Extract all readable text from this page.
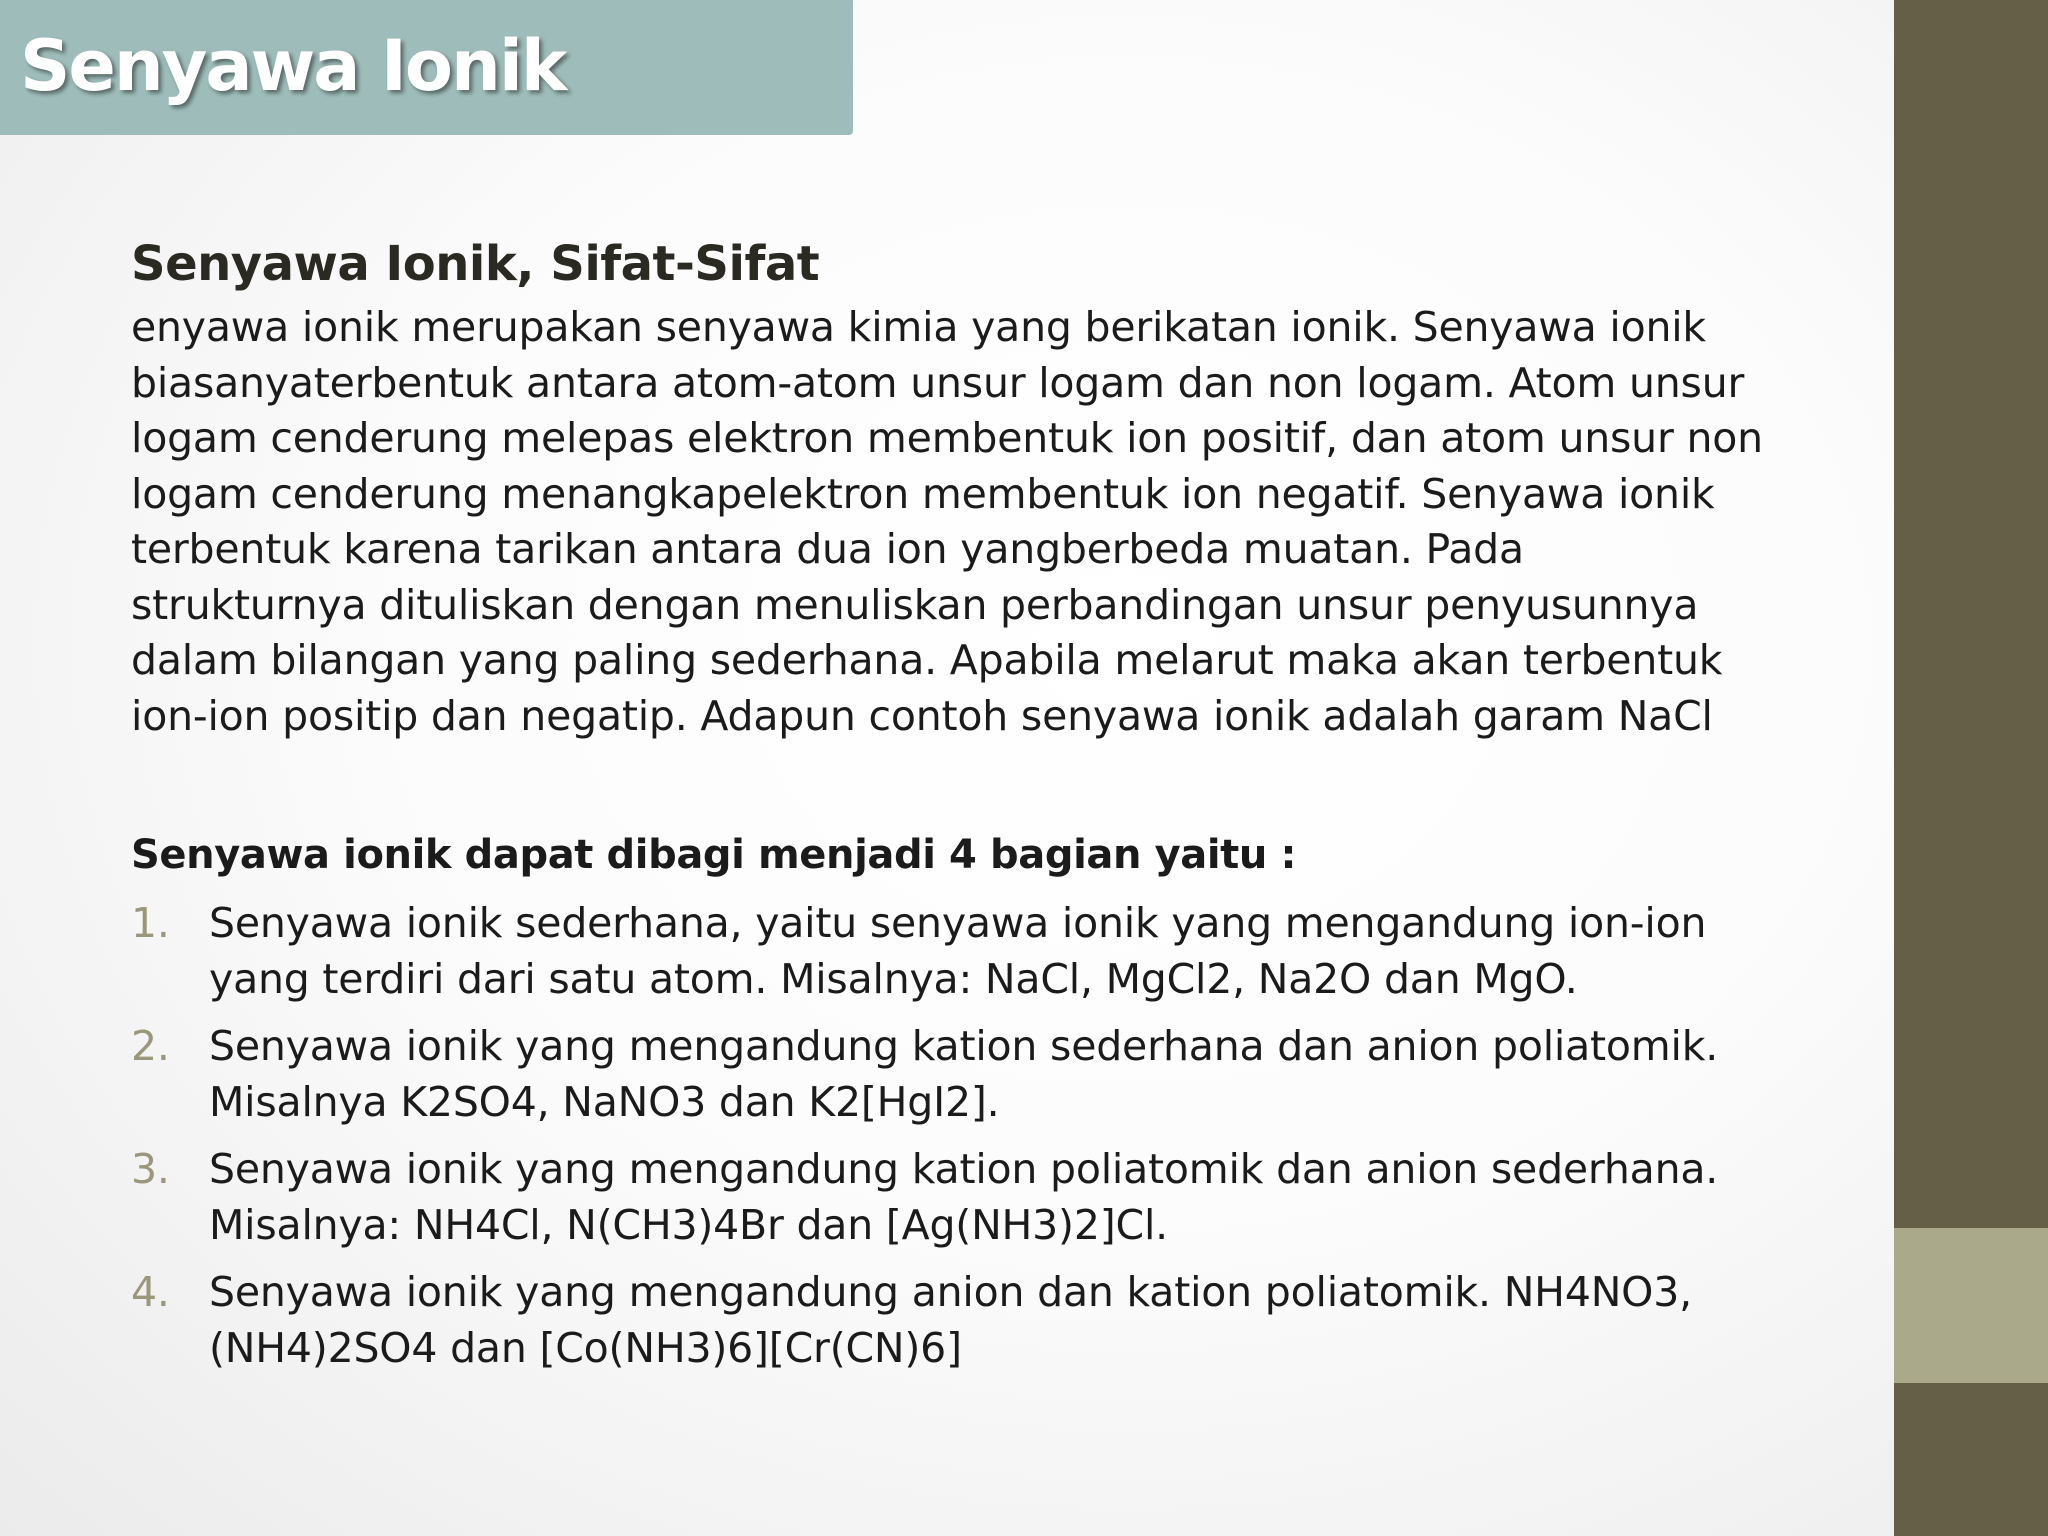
Senyawa Ionik
Senyawa Ionik, Sifat-Sifat

enyawa ionik merupakan senyawa kimia yang berikatan ionik. Senyawa ionik biasanyaterbentuk antara atom-atom unsur logam dan non logam. Atom unsur logam cenderung melepas elektron membentuk ion positif, dan atom unsur non logam cenderung menangkapelektron membentuk ion negatif. Senyawa ionik terbentuk karena tarikan antara dua ion yangberbeda muatan. Pada strukturnya dituliskan dengan menuliskan perbandingan unsur penyusunnya dalam bilangan yang paling sederhana. Apabila melarut maka akan terbentuk ion-ion positip dan negatip. Adapun contoh senyawa ionik adalah garam NaCl

Senyawa ionik dapat dibagi menjadi 4 bagian yaitu :

1. Senyawa ionik sederhana, yaitu senyawa ionik yang mengandung ion-ion yang terdiri dari satu atom. Misalnya: NaCl, MgCl2, Na2O dan MgO.
2. Senyawa ionik yang mengandung kation sederhana dan anion poliatomik. Misalnya K2SO4, NaNO3 dan K2[HgI2].
3. Senyawa ionik yang mengandung kation poliatomik dan anion sederhana. Misalnya: NH4Cl, N(CH3)4Br dan [Ag(NH3)2]Cl.
4. Senyawa ionik yang mengandung anion dan kation poliatomik. NH4NO3, (NH4)2SO4 dan [Co(NH3)6][Cr(CN)6]
